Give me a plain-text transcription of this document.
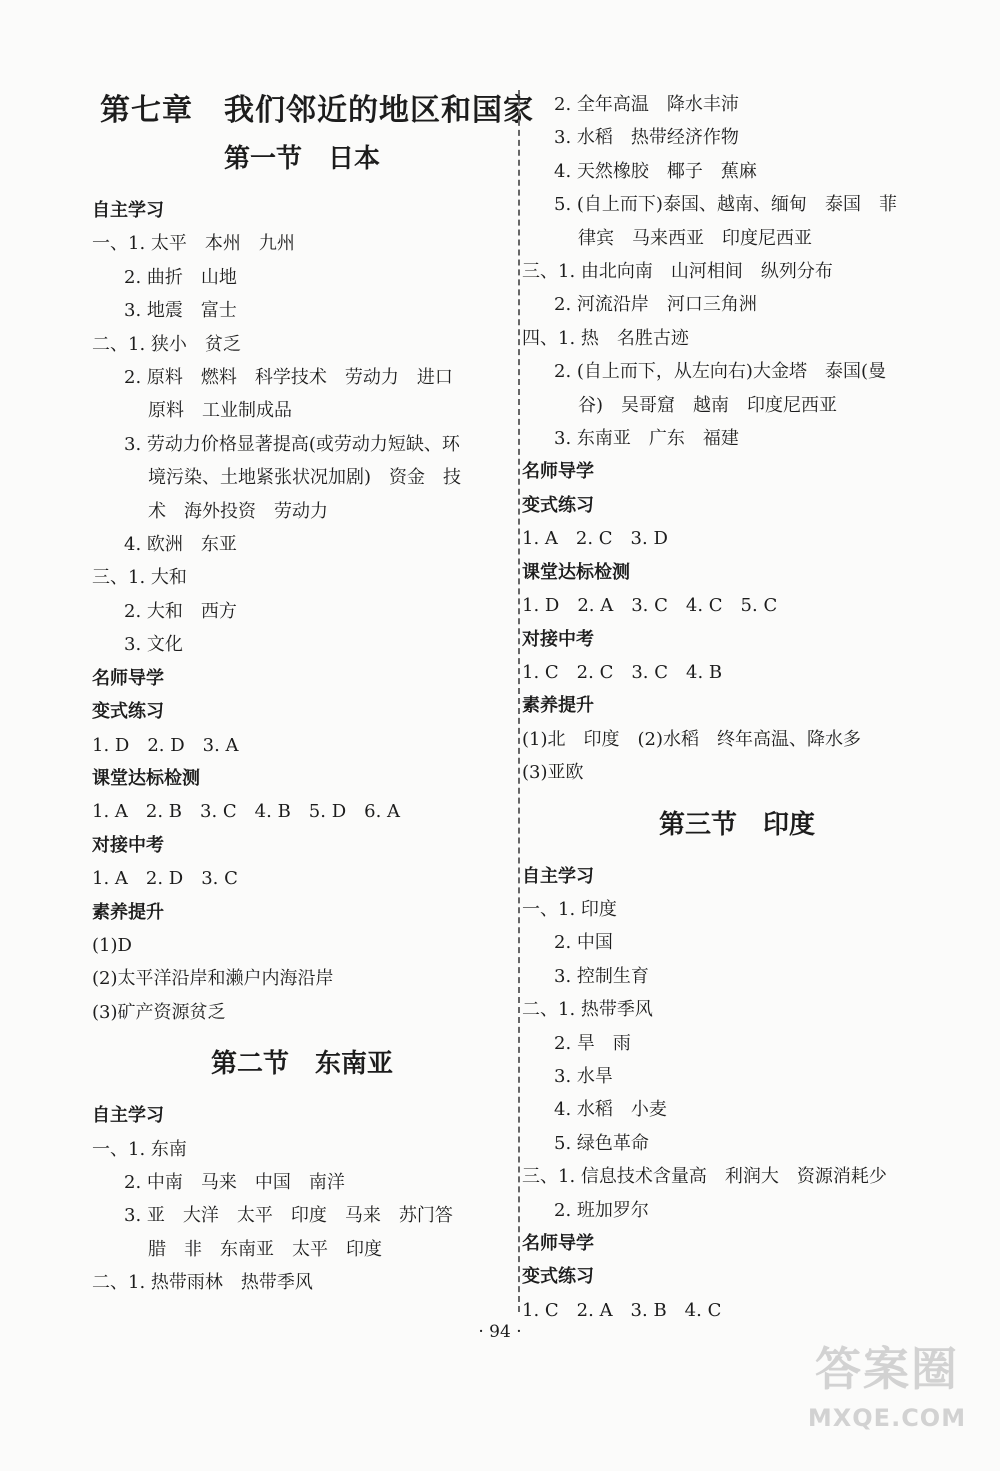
第七章　我们邻近的地区和国家

第一节　日本

自主学习

一、1. 太平　本州　九州

2. 曲折　山地

3. 地震　富士

二、1. 狭小　贫乏

2. 原料　燃料　科学技术　劳动力　进口

原料　工业制成品

3. 劳动力价格显著提高(或劳动力短缺、环

境污染、土地紧张状况加剧)　资金　技

术　海外投资　劳动力

4. 欧洲　东亚

三、1. 大和

2. 大和　西方

3. 文化

名师导学

变式练习

1. D　2. D　3. A

课堂达标检测

1. A　2. B　3. C　4. B　5. D　6. A

对接中考

1. A　2. D　3. C

素养提升

(1)D

(2)太平洋沿岸和濑户内海沿岸

(3)矿产资源贫乏

第二节　东南亚

自主学习

一、1. 东南

2. 中南　马来　中国　南洋

3. 亚　大洋　太平　印度　马来　苏门答

腊　非　东南亚　太平　印度

二、1. 热带雨林　热带季风

2. 全年高温　降水丰沛

3. 水稻　热带经济作物

4. 天然橡胶　椰子　蕉麻

5. (自上而下)泰国、越南、缅甸　泰国　菲

律宾　马来西亚　印度尼西亚

三、1. 由北向南　山河相间　纵列分布

2. 河流沿岸　河口三角洲

四、1. 热　名胜古迹

2. (自上而下，从左向右)大金塔　泰国(曼

谷)　吴哥窟　越南　印度尼西亚

3. 东南亚　广东　福建

名师导学

变式练习

1. A　2. C　3. D

课堂达标检测

1. D　2. A　3. C　4. C　5. C

对接中考

1. C　2. C　3. C　4. B

素养提升

(1)北　印度　(2)水稻　终年高温、降水多

(3)亚欧

第三节　印度

自主学习

一、1. 印度

2. 中国

3. 控制生育

二、1. 热带季风

2. 旱　雨

3. 水旱

4. 水稻　小麦

5. 绿色革命

三、1. 信息技术含量高　利润大　资源消耗少

2. 班加罗尔

名师导学

变式练习

1. C　2. A　3. B　4. C

· 94 ·
答案圈
MXQE.COM
